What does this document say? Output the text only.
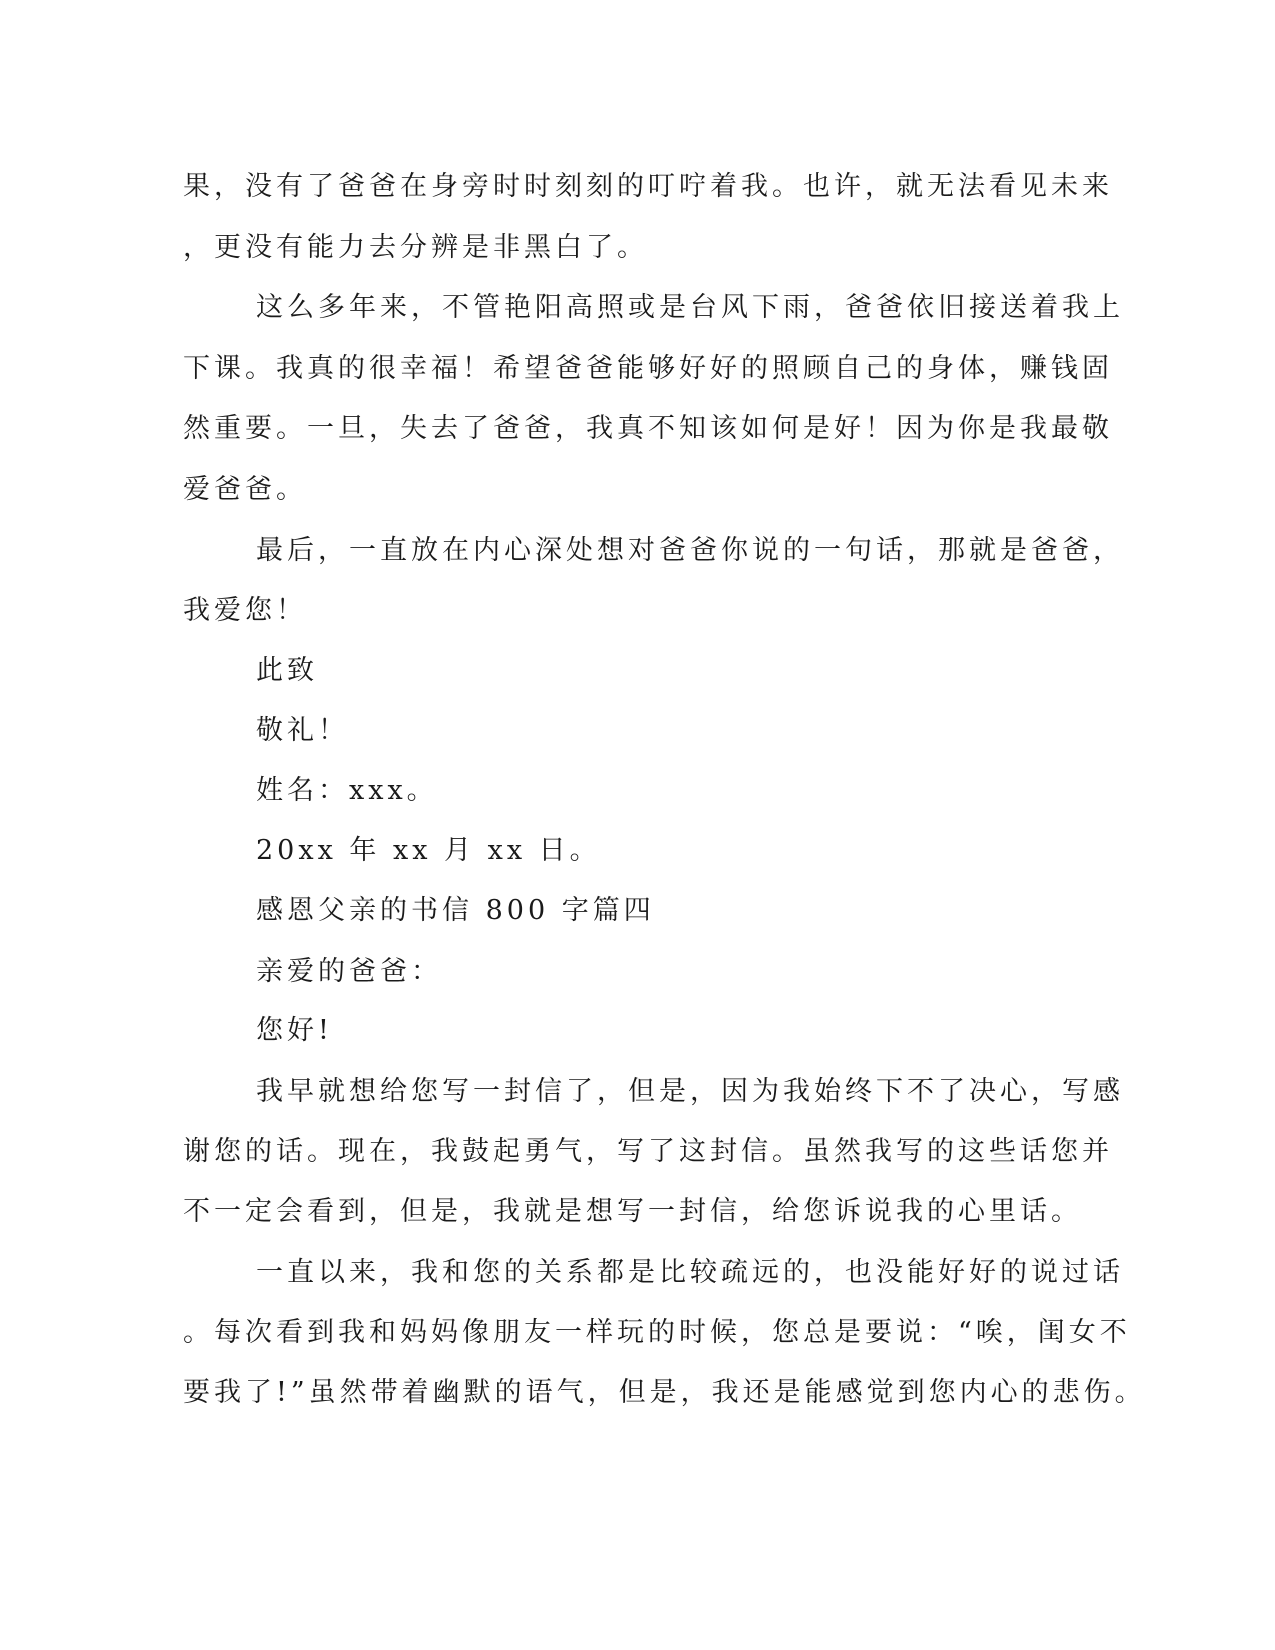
果，没有了爸爸在身旁时时刻刻的叮咛着我。也许，就无法看见未来

，更没有能力去分辨是非黑白了。

这么多年来，不管艳阳高照或是台风下雨，爸爸依旧接送着我上

下课。我真的很幸福！希望爸爸能够好好的照顾自己的身体，赚钱固

然重要。一旦，失去了爸爸，我真不知该如何是好！因为你是我最敬

爱爸爸。

最后，一直放在内心深处想对爸爸你说的一句话，那就是爸爸，

我爱您！

此致

敬礼！

姓名：xxx。

20xx 年 xx 月 xx 日。

感恩父亲的书信 800 字篇四

亲爱的爸爸：

您好!

我早就想给您写一封信了，但是，因为我始终下不了决心，写感

谢您的话。现在，我鼓起勇气，写了这封信。虽然我写的这些话您并

不一定会看到，但是，我就是想写一封信，给您诉说我的心里话。

一直以来，我和您的关系都是比较疏远的，也没能好好的说过话

。每次看到我和妈妈像朋友一样玩的时候，您总是要说：“唉，闺女不

要我了!”虽然带着幽默的语气，但是，我还是能感觉到您内心的悲伤。
